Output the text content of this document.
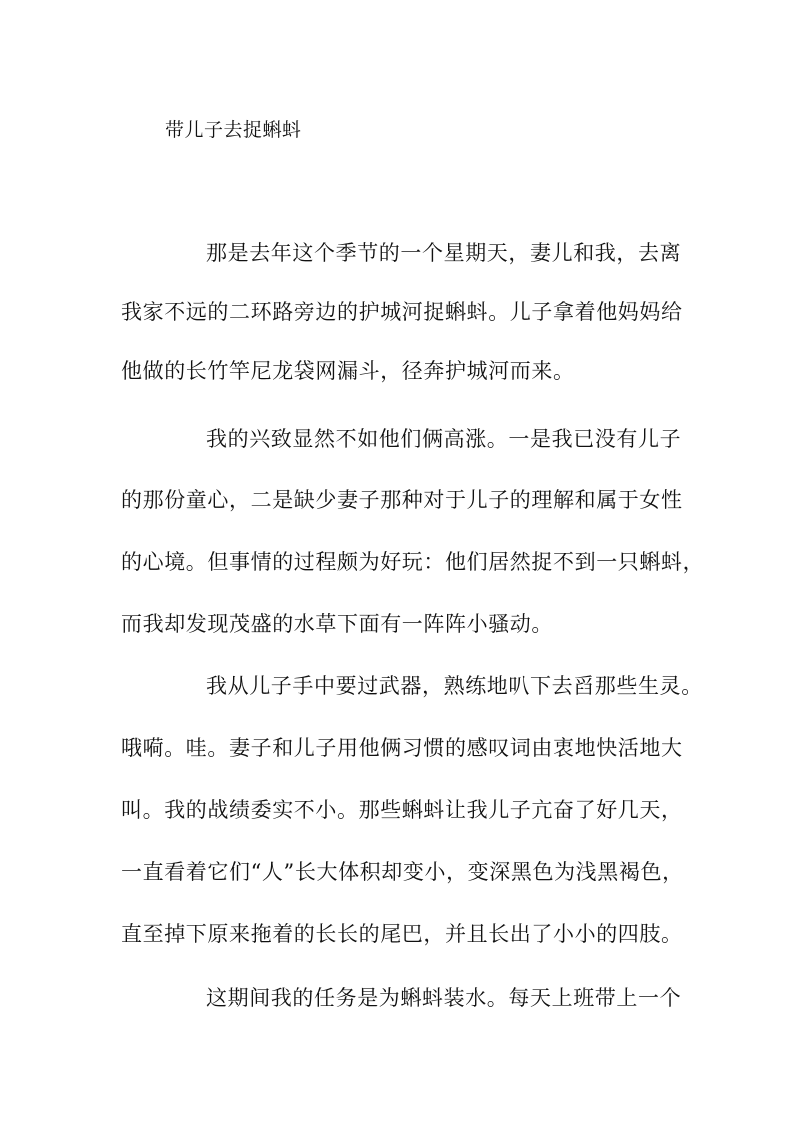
带儿子去捉蝌蚪
那是去年这个季节的一个星期天，妻儿和我，去离
我家不远的二环路旁边的护城河捉蝌蚪。儿子拿着他妈妈给
他做的长竹竿尼龙袋网漏斗，径奔护城河而来。
我的兴致显然不如他们俩高涨。一是我已没有儿子
的那份童心，二是缺少妻子那种对于儿子的理解和属于女性
的心境。但事情的过程颇为好玩：他们居然捉不到一只蝌蚪，
而我却发现茂盛的水草下面有一阵阵小骚动。
我从儿子手中要过武器，熟练地叭下去舀那些生灵。
哦嗬。哇。妻子和儿子用他俩习惯的感叹词由衷地快活地大
叫。我的战绩委实不小。那些蝌蚪让我儿子亢奋了好几天，
一直看着它们“人”长大体积却变小，变深黑色为浅黑褐色，
直至掉下原来拖着的长长的尾巴，并且长出了小小的四肢。
这期间我的任务是为蝌蚪装水。每天上班带上一个
